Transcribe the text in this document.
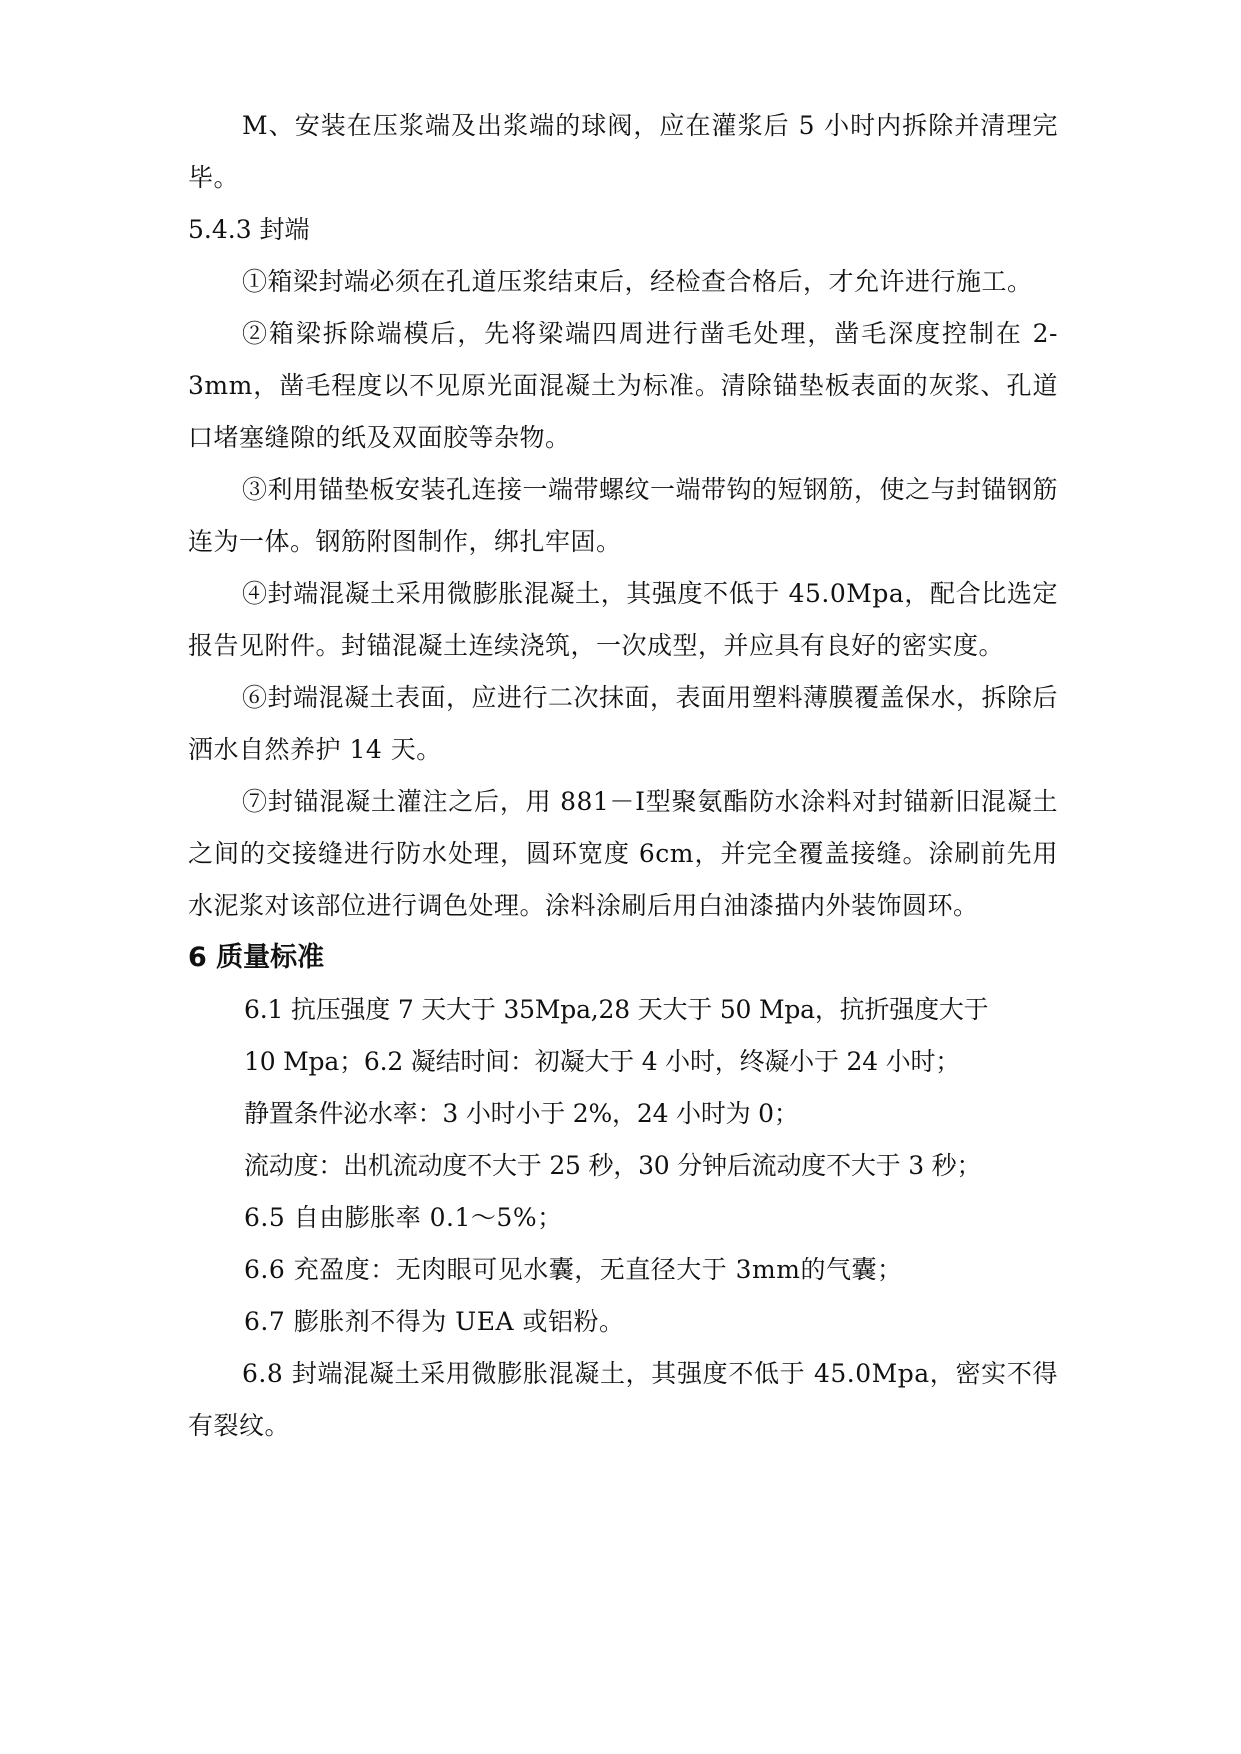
M、安装在压浆端及出浆端的球阀，应在灌浆后 5 小时内拆除并清理完毕。

5.4.3 封端

①箱梁封端必须在孔道压浆结束后，经检查合格后，才允许进行施工。

②箱梁拆除端模后，先将梁端四周进行凿毛处理，凿毛深度控制在 2-3mm，凿毛程度以不见原光面混凝土为标准。清除锚垫板表面的灰浆、孔道口堵塞缝隙的纸及双面胶等杂物。

③利用锚垫板安装孔连接一端带螺纹一端带钩的短钢筋，使之与封锚钢筋连为一体。钢筋附图制作，绑扎牢固。

④封端混凝土采用微膨胀混凝土，其强度不低于 45.0Mpa，配合比选定报告见附件。封锚混凝土连续浇筑，一次成型，并应具有良好的密实度。

⑥封端混凝土表面，应进行二次抹面，表面用塑料薄膜覆盖保水，拆除后洒水自然养护 14 天。

⑦封锚混凝土灌注之后，用 881－Ⅰ型聚氨酯防水涂料对封锚新旧混凝土之间的交接缝进行防水处理，圆环宽度 6cm，并完全覆盖接缝。涂刷前先用水泥浆对该部位进行调色处理。涂料涂刷后用白油漆描内外装饰圆环。

6 质量标准

6.1 抗压强度 7 天大于 35Mpa,28 天大于 50 Mpa，抗折强度大于

10 Mpa；6.2 凝结时间：初凝大于 4 小时，终凝小于 24 小时；

静置条件泌水率：3 小时小于 2%，24 小时为 0；

流动度：出机流动度不大于 25 秒，30 分钟后流动度不大于 3 秒；

6.5 自由膨胀率 0.1～5%；

6.6 充盈度：无肉眼可见水囊，无直径大于 3mm的气囊；

6.7 膨胀剂不得为 UEA 或铝粉。

6.8 封端混凝土采用微膨胀混凝土，其强度不低于 45.0Mpa，密实不得有裂纹。
